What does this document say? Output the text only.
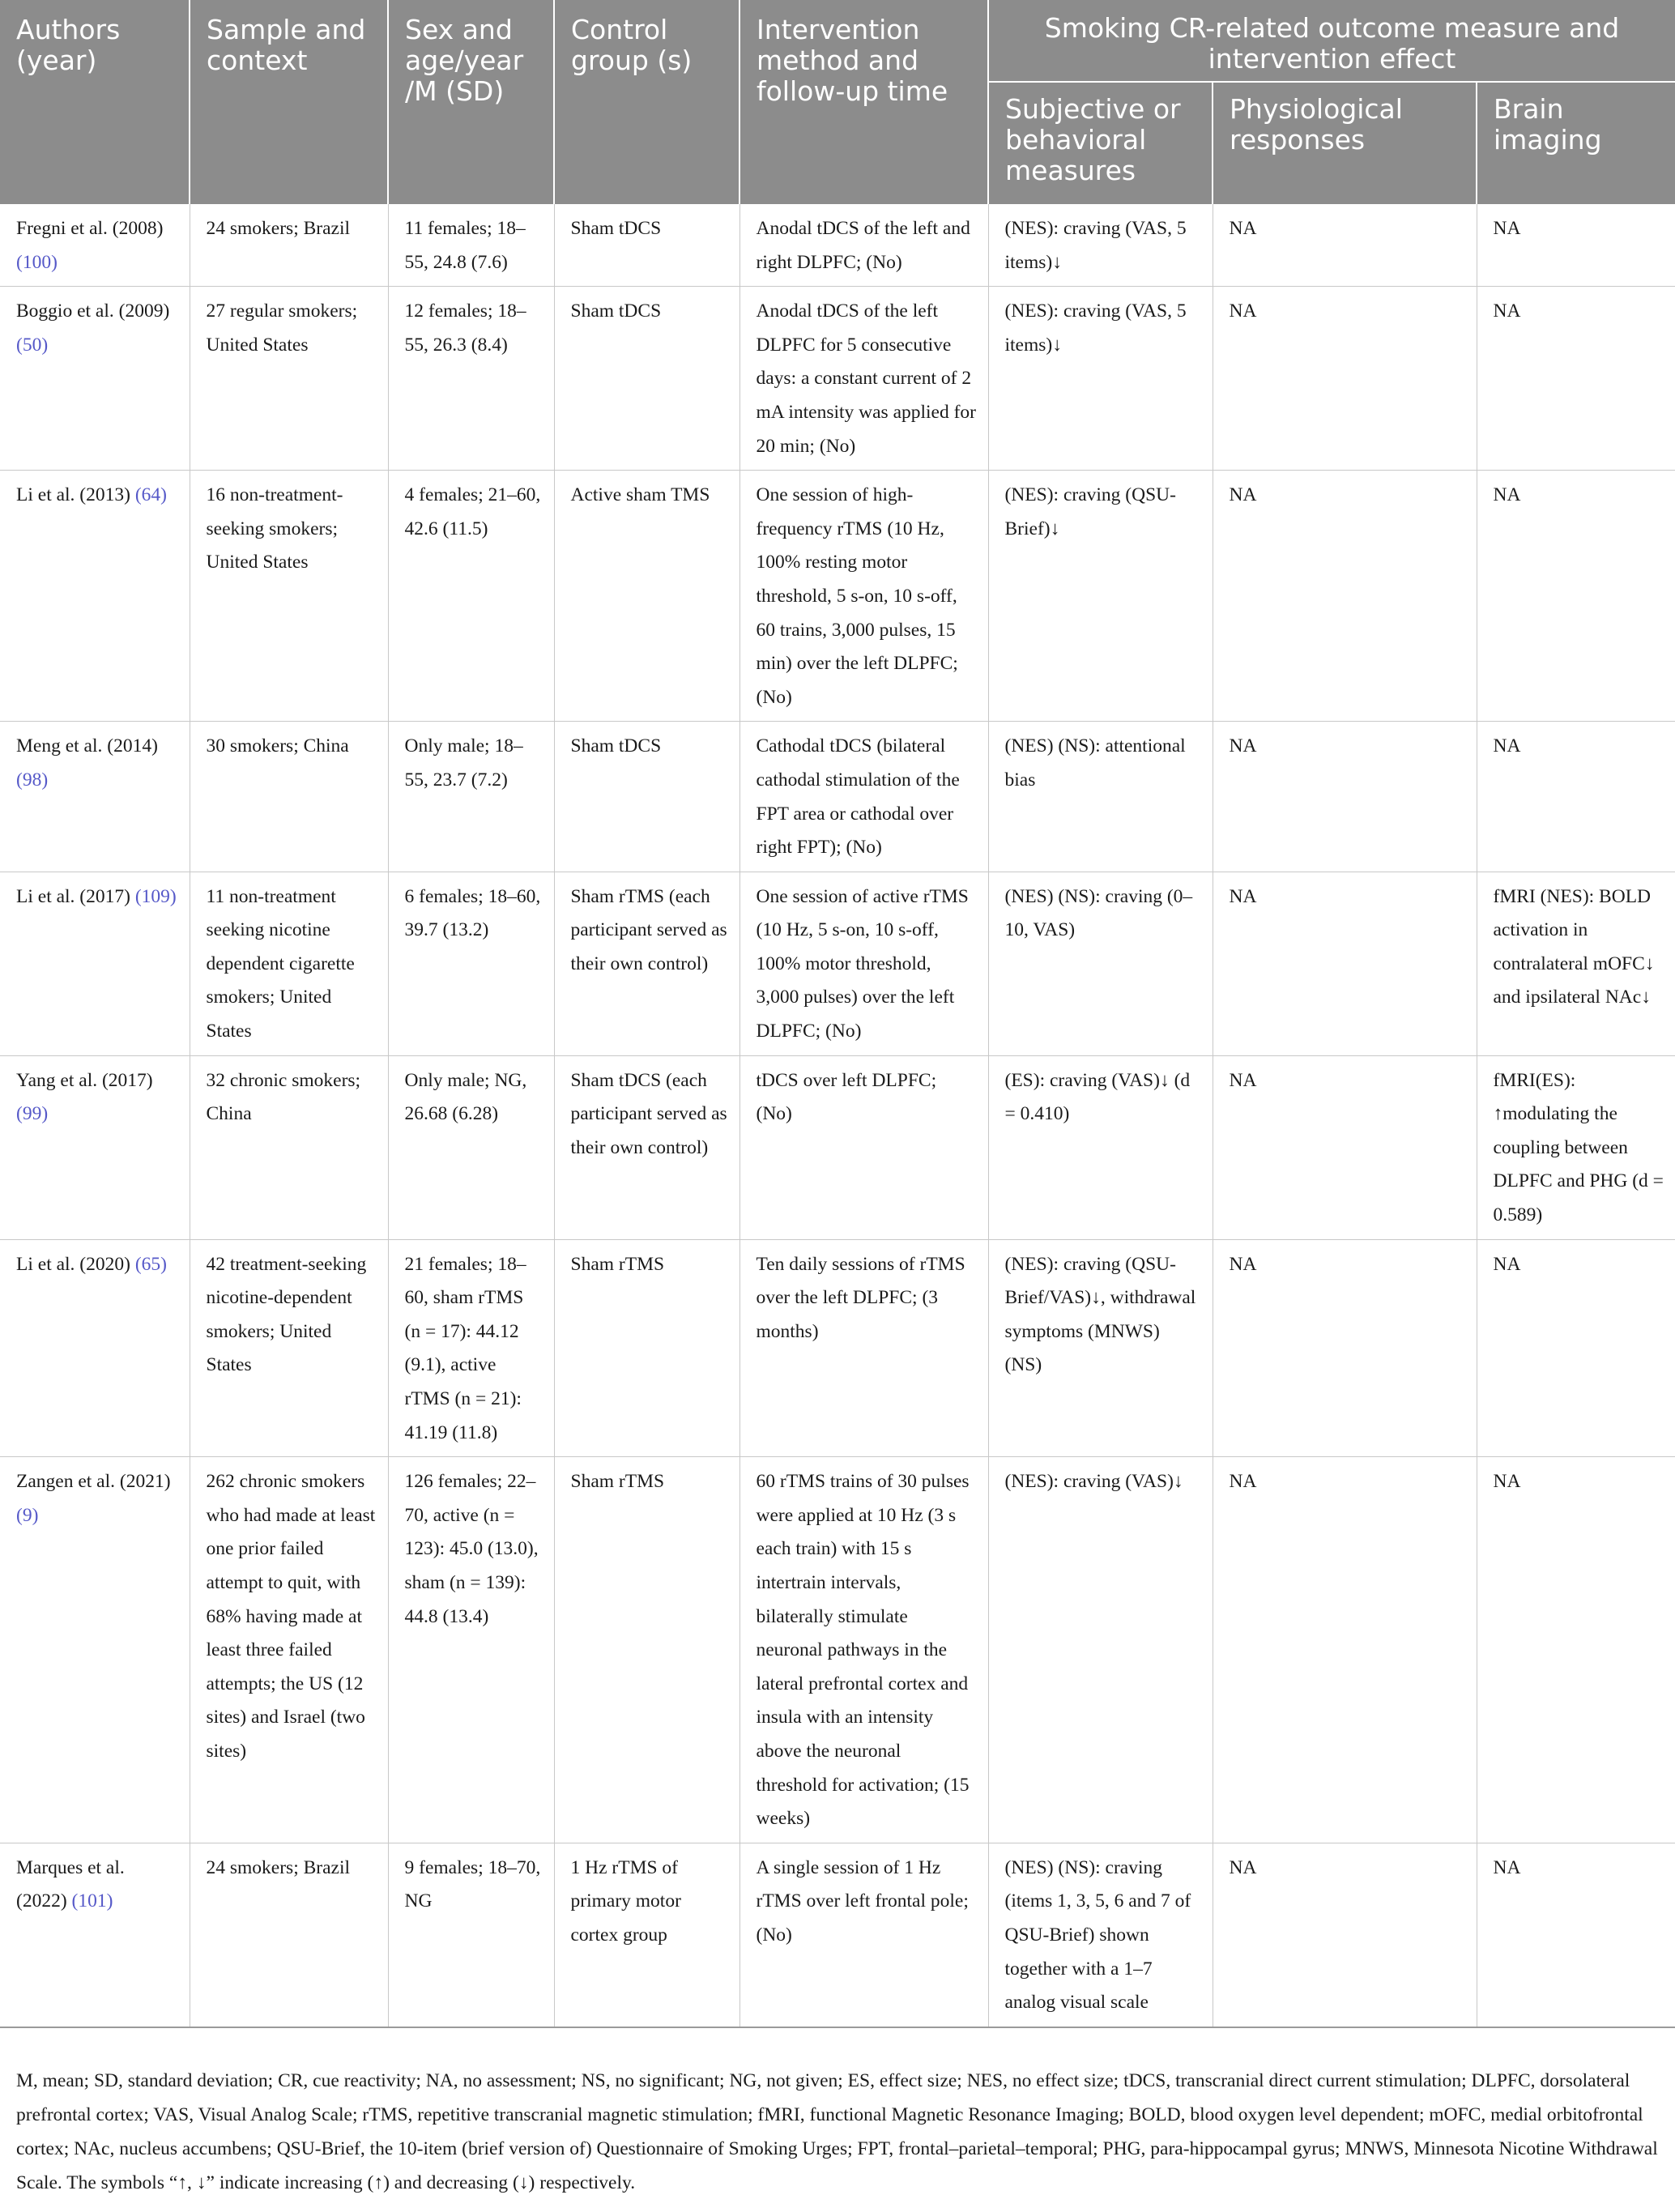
Authors (year)	Sample and context	Sex and age/year /M (SD)	Control group (s)	Intervention method and follow-up time	Smoking CR-related outcome measure and intervention effect		
					Subjective or behavioral measures	Physiological responses	Brain imaging
Fregni et al. (2008) (100)	24 smokers; Brazil	11 females; 18–55, 24.8 (7.6)	Sham tDCS	Anodal tDCS of the left and right DLPFC; (No)	(NES): craving (VAS, 5 items)↓	NA	NA
Boggio et al. (2009) (50)	27 regular smokers; United States	12 females; 18–55, 26.3 (8.4)	Sham tDCS	Anodal tDCS of the left DLPFC for 5 consecutive days: a constant current of 2 mA intensity was applied for 20 min; (No)	(NES): craving (VAS, 5 items)↓	NA	NA
Li et al. (2013) (64)	16 non-treatment-seeking smokers; United States	4 females; 21–60, 42.6 (11.5)	Active sham TMS	One session of high-frequency rTMS (10 Hz, 100% resting motor threshold, 5 s-on, 10 s-off, 60 trains, 3,000 pulses, 15 min) over the left DLPFC; (No)	(NES): craving (QSU-Brief)↓	NA	NA
Meng et al. (2014) (98)	30 smokers; China	Only male; 18–55, 23.7 (7.2)	Sham tDCS	Cathodal tDCS (bilateral cathodal stimulation of the FPT area or cathodal over right FPT); (No)	(NES) (NS): attentional bias	NA	NA
Li et al. (2017) (109)	11 non-treatment seeking nicotine dependent cigarette smokers; United States	6 females; 18–60, 39.7 (13.2)	Sham rTMS (each participant served as their own control)	One session of active rTMS (10 Hz, 5 s-on, 10 s-off, 100% motor threshold, 3,000 pulses) over the left DLPFC; (No)	(NES) (NS): craving (0–10, VAS)	NA	fMRI (NES): BOLD activation in contralateral mOFC↓ and ipsilateral NAc↓
Yang et al. (2017) (99)	32 chronic smokers; China	Only male; NG, 26.68 (6.28)	Sham tDCS (each participant served as their own control)	tDCS over left DLPFC; (No)	(ES): craving (VAS)↓ (d = 0.410)	NA	fMRI(ES): ↑modulating the coupling between DLPFC and PHG (d = 0.589)
Li et al. (2020) (65)	42 treatment-seeking nicotine-dependent smokers; United States	21 females; 18–60, sham rTMS (n = 17): 44.12 (9.1), active rTMS (n = 21): 41.19 (11.8)	Sham rTMS	Ten daily sessions of rTMS over the left DLPFC; (3 months)	(NES): craving (QSU-Brief/VAS)↓, withdrawal symptoms (MNWS) (NS)	NA	NA
Zangen et al. (2021) (9)	262 chronic smokers who had made at least one prior failed attempt to quit, with 68% having made at least three failed attempts; the US (12 sites) and Israel (two sites)	126 females; 22–70, active (n = 123): 45.0 (13.0), sham (n = 139): 44.8 (13.4)	Sham rTMS	60 rTMS trains of 30 pulses were applied at 10 Hz (3 s each train) with 15 s intertrain intervals, bilaterally stimulate neuronal pathways in the lateral prefrontal cortex and insula with an intensity above the neuronal threshold for activation; (15 weeks)	(NES): craving (VAS)↓	NA	NA
Marques et al. (2022) (101)	24 smokers; Brazil	9 females; 18–70, NG	1 Hz rTMS of primary motor cortex group	A single session of 1 Hz rTMS over left frontal pole; (No)	(NES) (NS): craving (items 1, 3, 5, 6 and 7 of QSU-Brief) shown together with a 1–7 analog visual scale	NA	NA
M, mean; SD, standard deviation; CR, cue reactivity; NA, no assessment; NS, no significant; NG, not given; ES, effect size; NES, no effect size; tDCS, transcranial direct current stimulation; DLPFC, dorsolateral prefrontal cortex; VAS, Visual Analog Scale; rTMS, repetitive transcranial magnetic stimulation; fMRI, functional Magnetic Resonance Imaging; BOLD, blood oxygen level dependent; mOFC, medial orbitofrontal cortex; NAc, nucleus accumbens; QSU-Brief, the 10-item (brief version of) Questionnaire of Smoking Urges; FPT, frontal–parietal–temporal; PHG, para-hippocampal gyrus; MNWS, Minnesota Nicotine Withdrawal Scale. The symbols “↑, ↓” indicate increasing (↑) and decreasing (↓) respectively.
